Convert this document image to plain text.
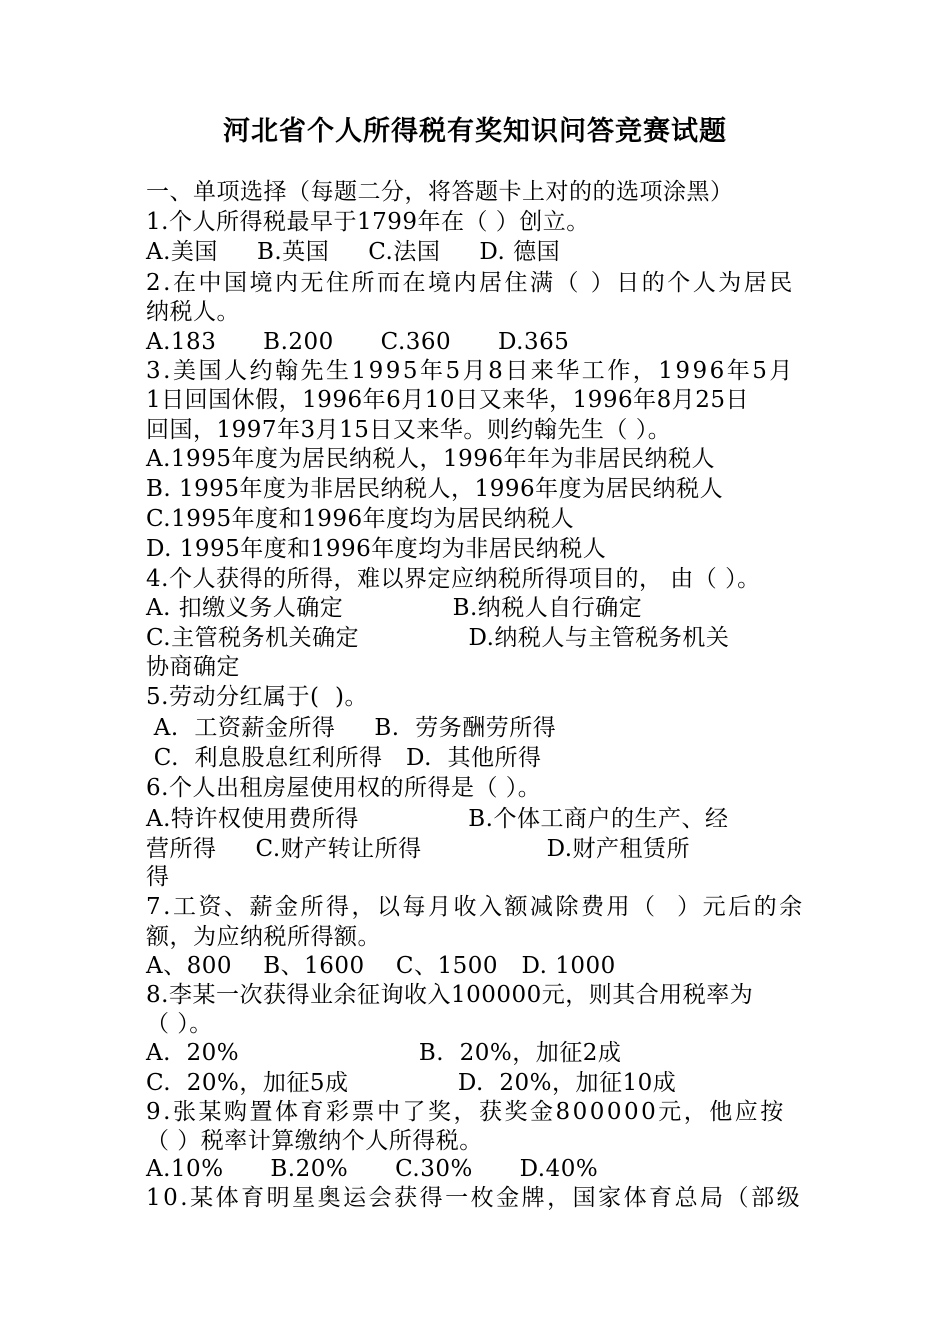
河北省个人所得税有奖知识问答竞赛试题
一、单项选择（每题二分，将答题卡上对的的选项涂黑）
1.个人所得税最早于1799年在（ ）创立。
A.美国     B.英国     C.法国     D. 德国
2.在中国境内无住所而在境内居住满（ ）日的个人为居民
纳税人。
A.183      B.200      C.360      D.365
3.美国人约翰先生1995年5月8日来华工作，1996年5月
1日回国休假，1996年6月10日又来华，1996年8月25日
回国，1997年3月15日又来华。则约翰先生（ ）。
A.1995年度为居民纳税人，1996年年为非居民纳税人
B. 1995年度为非居民纳税人，1996年度为居民纳税人
C.1995年度和1996年度均为居民纳税人
D. 1995年度和1996年度均为非居民纳税人
4.个人获得的所得，难以界定应纳税所得项目的， 由（ ）。
A. 扣缴义务人确定              B.纳税人自行确定
C.主管税务机关确定              D.纳税人与主管税务机关
协商确定
5.劳动分红属于(  )。
A.  工资薪金所得     B.  劳务酬劳所得
C.  利息股息红利所得   D.  其他所得
6.个人出租房屋使用权的所得是（ ）。
A.特许权使用费所得              B.个体工商户的生产、经
营所得     C.财产转让所得                D.财产租赁所
得
7.工资、薪金所得，以每月收入额减除费用（  ）元后的余
额，为应纳税所得额。
A、800    B、1600    C、1500   D. 1000
8.李某一次获得业余征询收入100000元，则其合用税率为
（ ）。
A.  20%                       B.  20%，加征2成
C.  20%，加征5成              D.  20%，加征10成
9.张某购置体育彩票中了奖，获奖金800000元，他应按
（ ）税率计算缴纳个人所得税。
A.10%      B.20%      C.30%      D.40%
10.某体育明星奥运会获得一枚金牌，国家体育总局（部级
